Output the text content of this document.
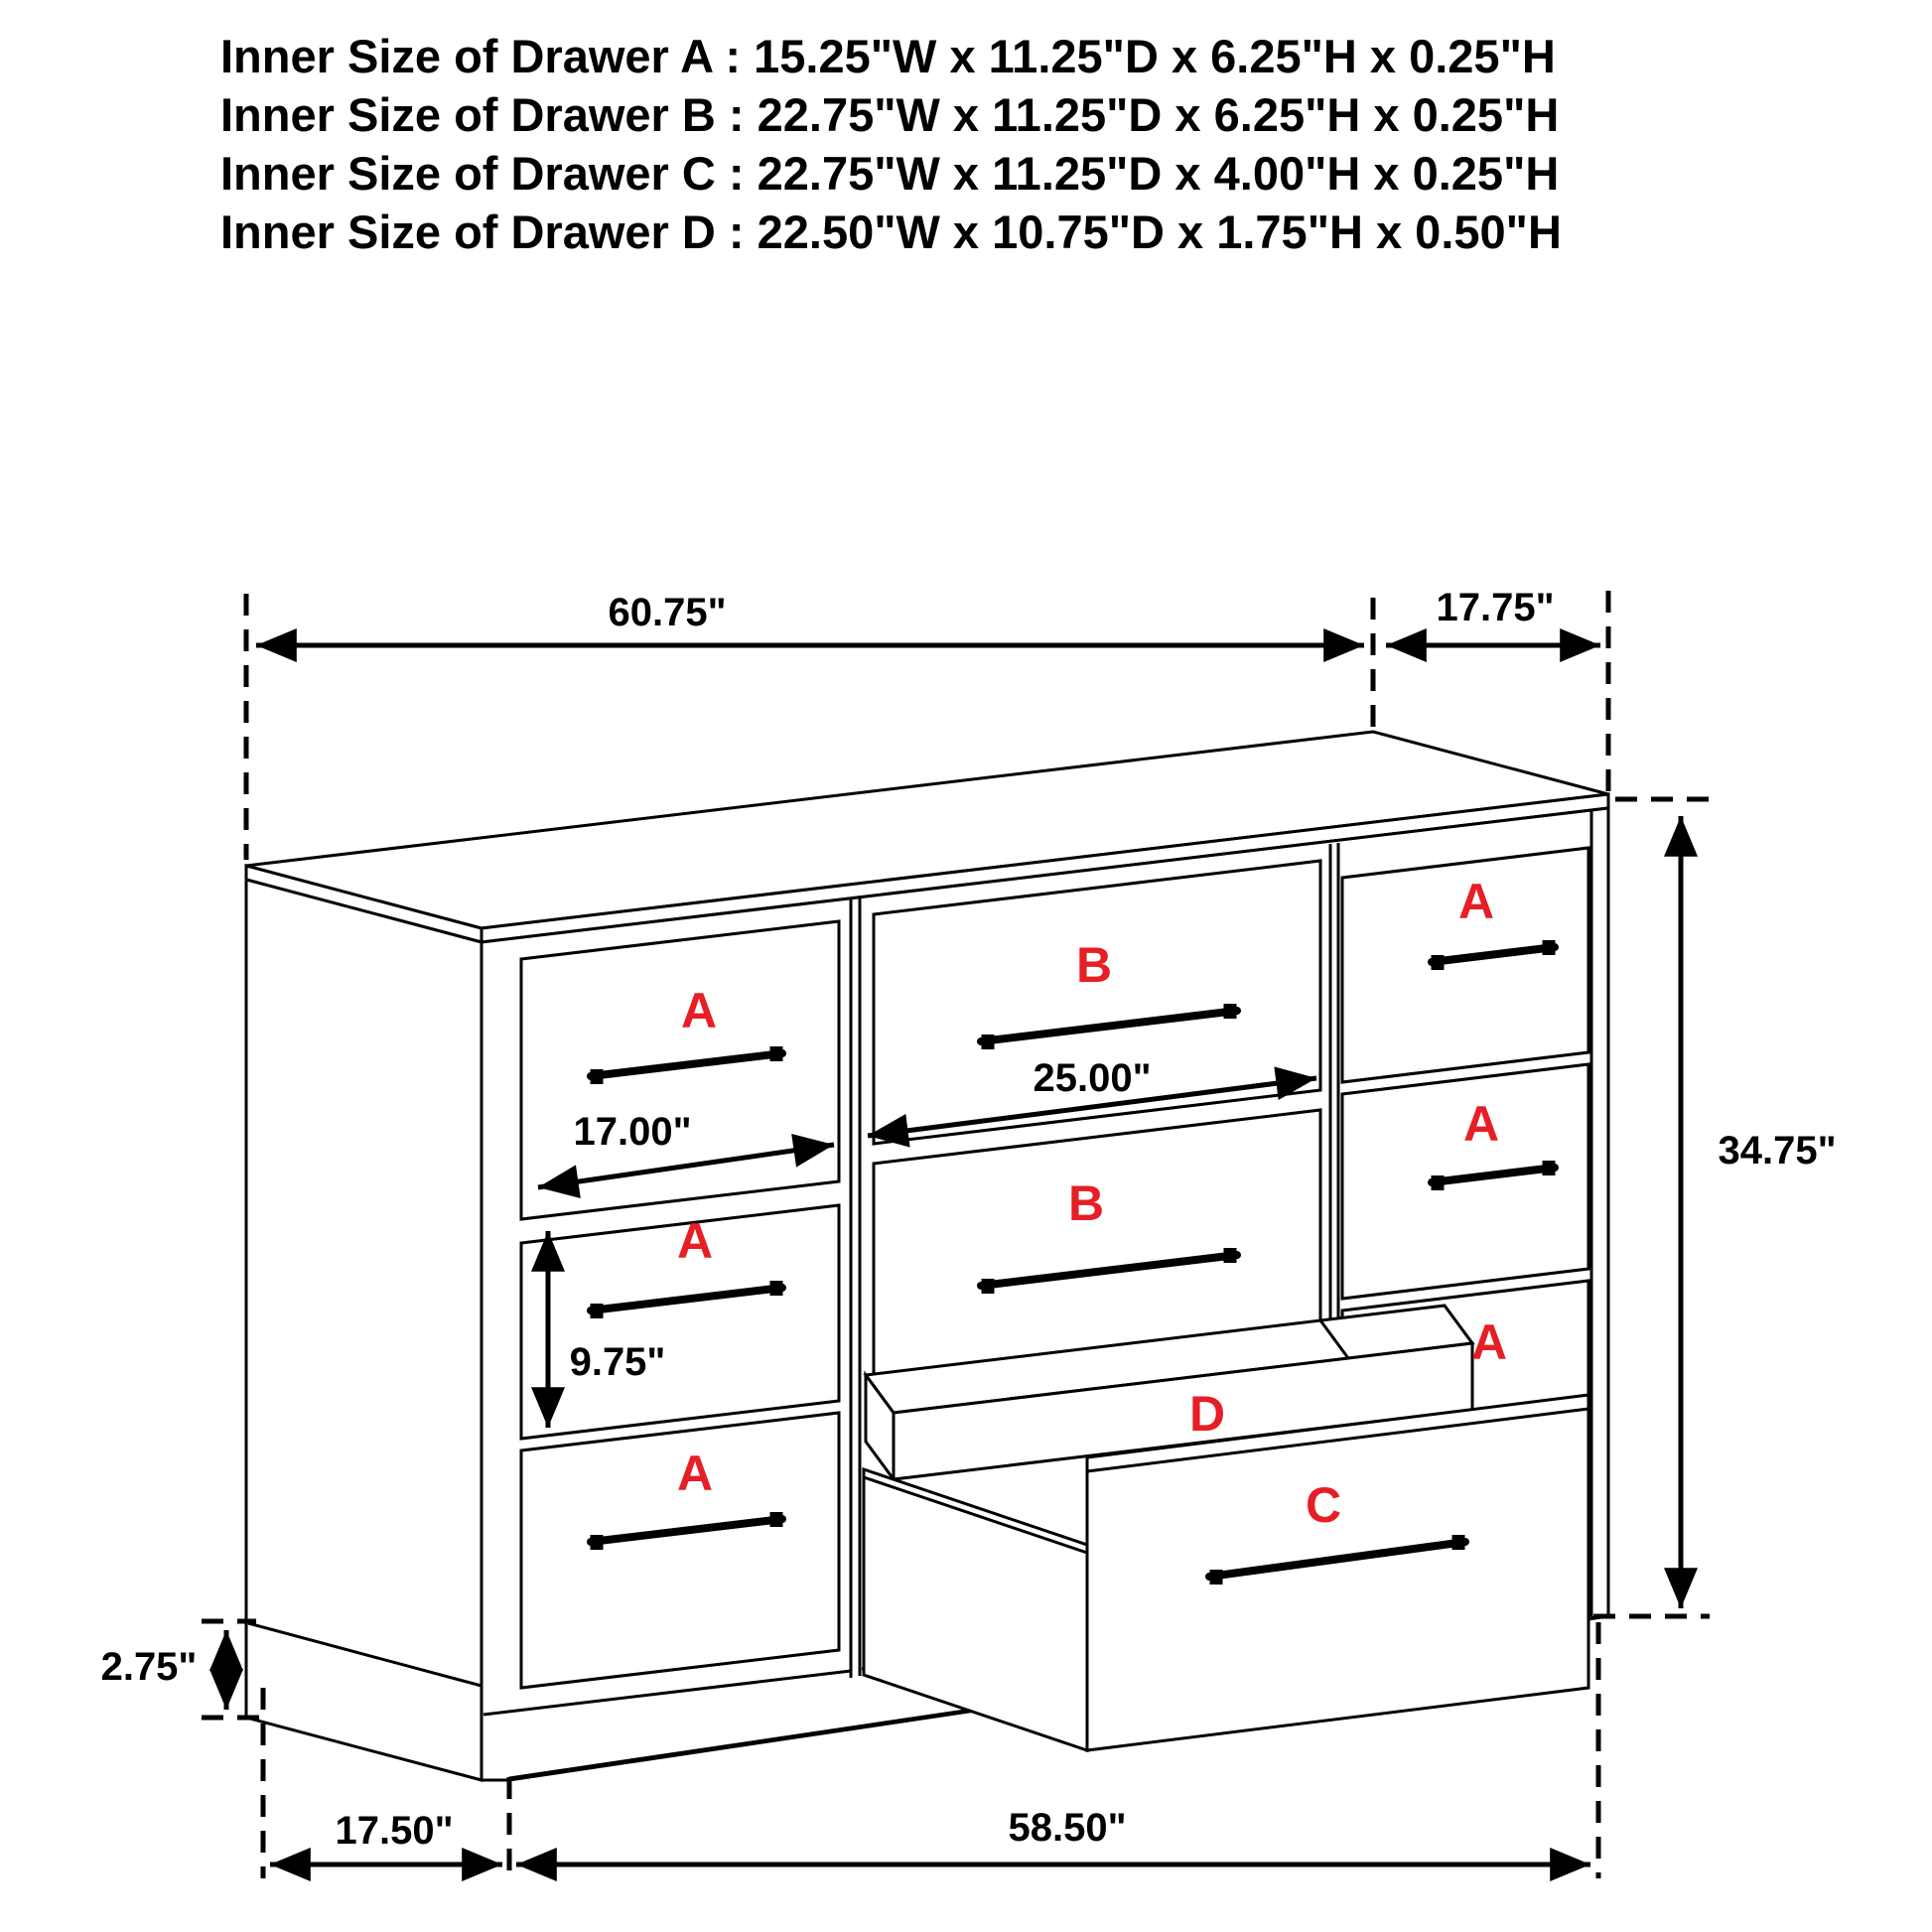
Inner Size of Drawer A : 15.25"W x 11.25"D x 6.25"H x 0.25"H
Inner Size of Drawer B : 22.75"W x 11.25"D x 6.25"H x 0.25"H
Inner Size of Drawer C : 22.75"W x 11.25"D x 4.00"H x 0.25"H
Inner Size of Drawer D : 22.50"W x 10.75"D x 1.75"H x 0.50"H
60.75"	17.75"
34.75"
17.00"
25.00"
9.75"
2.75"
17.50"	58.50"
A
A
A
B
B
A
A
A
D
C
